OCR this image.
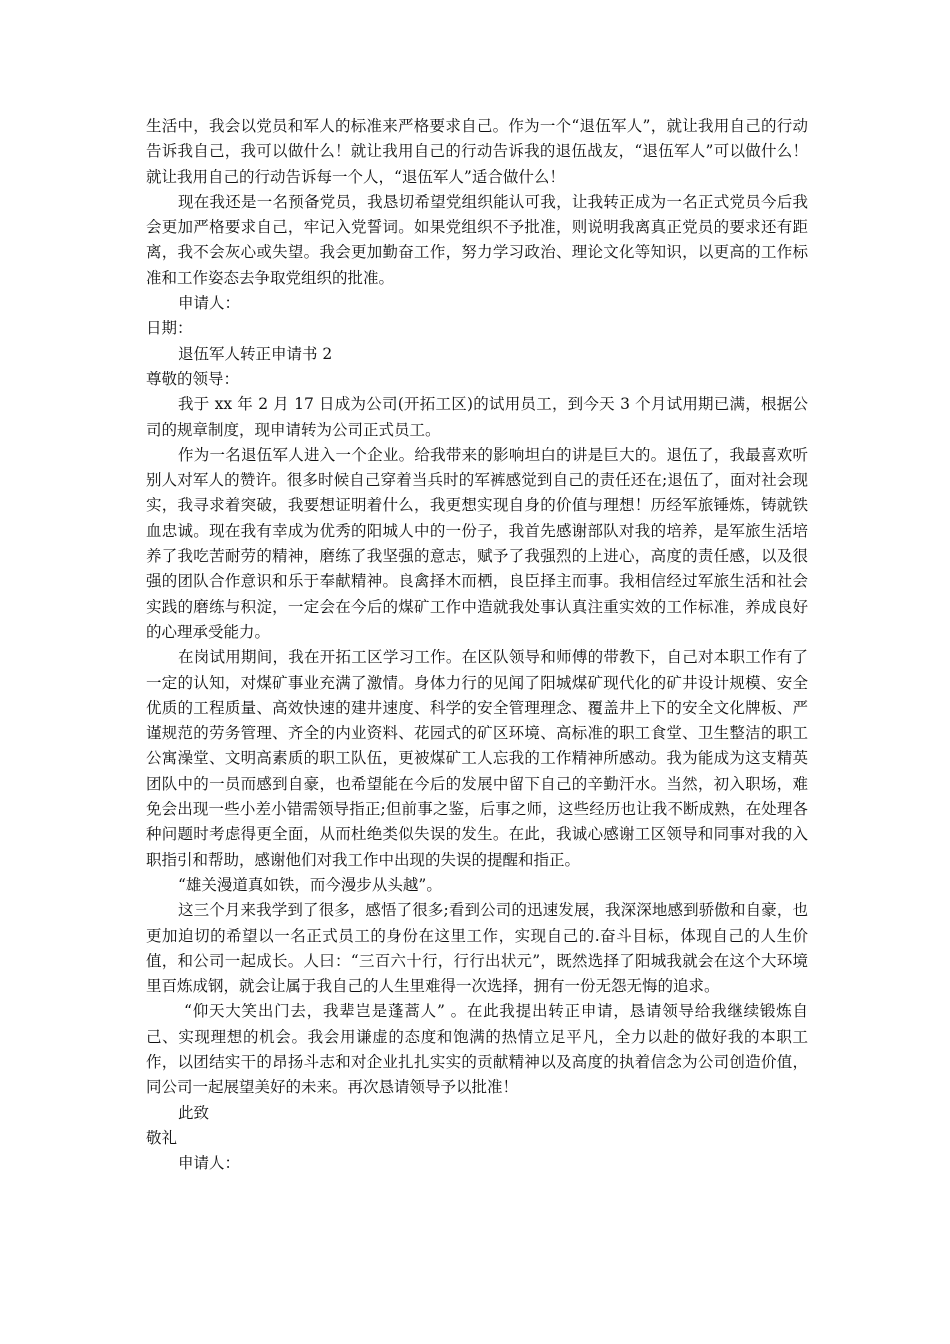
生活中，我会以党员和军人的标准来严格要求自己。作为一个“退伍军人”，就让我用自己的行动告诉我自己，我可以做什么！就让我用自己的行动告诉我的退伍战友，“退伍军人”可以做什么！就让我用自己的行动告诉每一个人，“退伍军人”适合做什么！

现在我还是一名预备党员，我恳切希望党组织能认可我，让我转正成为一名正式党员今后我会更加严格要求自己，牢记入党誓词。如果党组织不予批准，则说明我离真正党员的要求还有距离，我不会灰心或失望。我会更加勤奋工作，努力学习政治、理论文化等知识，以更高的工作标准和工作姿态去争取党组织的批准。

申请人：

日期：

退伍军人转正申请书 2

尊敬的领导：

我于 xx 年 2 月 17 日成为公司(开拓工区)的试用员工，到今天 3 个月试用期已满，根据公司的规章制度，现申请转为公司正式员工。

作为一名退伍军人进入一个企业。给我带来的影响坦白的讲是巨大的。退伍了，我最喜欢听别人对军人的赞许。很多时候自己穿着当兵时的军裤感觉到自己的责任还在;退伍了，面对社会现实，我寻求着突破，我要想证明着什么，我更想实现自身的价值与理想！历经军旅锤炼，铸就铁血忠诚。现在我有幸成为优秀的阳城人中的一份子，我首先感谢部队对我的培养，是军旅生活培养了我吃苦耐劳的精神，磨练了我坚强的意志，赋予了我强烈的上进心，高度的责任感，以及很强的团队合作意识和乐于奉献精神。良禽择木而栖，良臣择主而事。我相信经过军旅生活和社会实践的磨练与积淀，一定会在今后的煤矿工作中造就我处事认真注重实效的工作标准，养成良好的心理承受能力。

在岗试用期间，我在开拓工区学习工作。在区队领导和师傅的带教下，自己对本职工作有了一定的认知，对煤矿事业充满了激情。身体力行的见闻了阳城煤矿现代化的矿井设计规模、安全优质的工程质量、高效快速的建井速度、科学的安全管理理念、覆盖井上下的安全文化牌板、严谨规范的劳务管理、齐全的内业资料、花园式的矿区环境、高标准的职工食堂、卫生整洁的职工公寓澡堂、文明高素质的职工队伍，更被煤矿工人忘我的工作精神所感动。我为能成为这支精英团队中的一员而感到自豪，也希望能在今后的发展中留下自己的辛勤汗水。当然，初入职场，难免会出现一些小差小错需领导指正;但前事之鉴，后事之师，这些经历也让我不断成熟，在处理各种问题时考虑得更全面，从而杜绝类似失误的发生。在此，我诚心感谢工区领导和同事对我的入职指引和帮助，感谢他们对我工作中出现的失误的提醒和指正。

“雄关漫道真如铁，而今漫步从头越”。

这三个月来我学到了很多，感悟了很多;看到公司的迅速发展，我深深地感到骄傲和自豪，也更加迫切的希望以一名正式员工的身份在这里工作，实现自己的.奋斗目标，体现自己的人生价值，和公司一起成长。人曰：“三百六十行，行行出状元”，既然选择了阳城我就会在这个大环境里百炼成钢，就会让属于我自己的人生里难得一次选择，拥有一份无怨无悔的追求。

“仰天大笑出门去，我辈岂是蓬蒿人” 。在此我提出转正申请，恳请领导给我继续锻炼自己、实现理想的机会。我会用谦虚的态度和饱满的热情立足平凡，全力以赴的做好我的本职工作，以团结实干的昂扬斗志和对企业扎扎实实的贡献精神以及高度的执着信念为公司创造价值，同公司一起展望美好的未来。再次恳请领导予以批准！

此致

敬礼

申请人：
